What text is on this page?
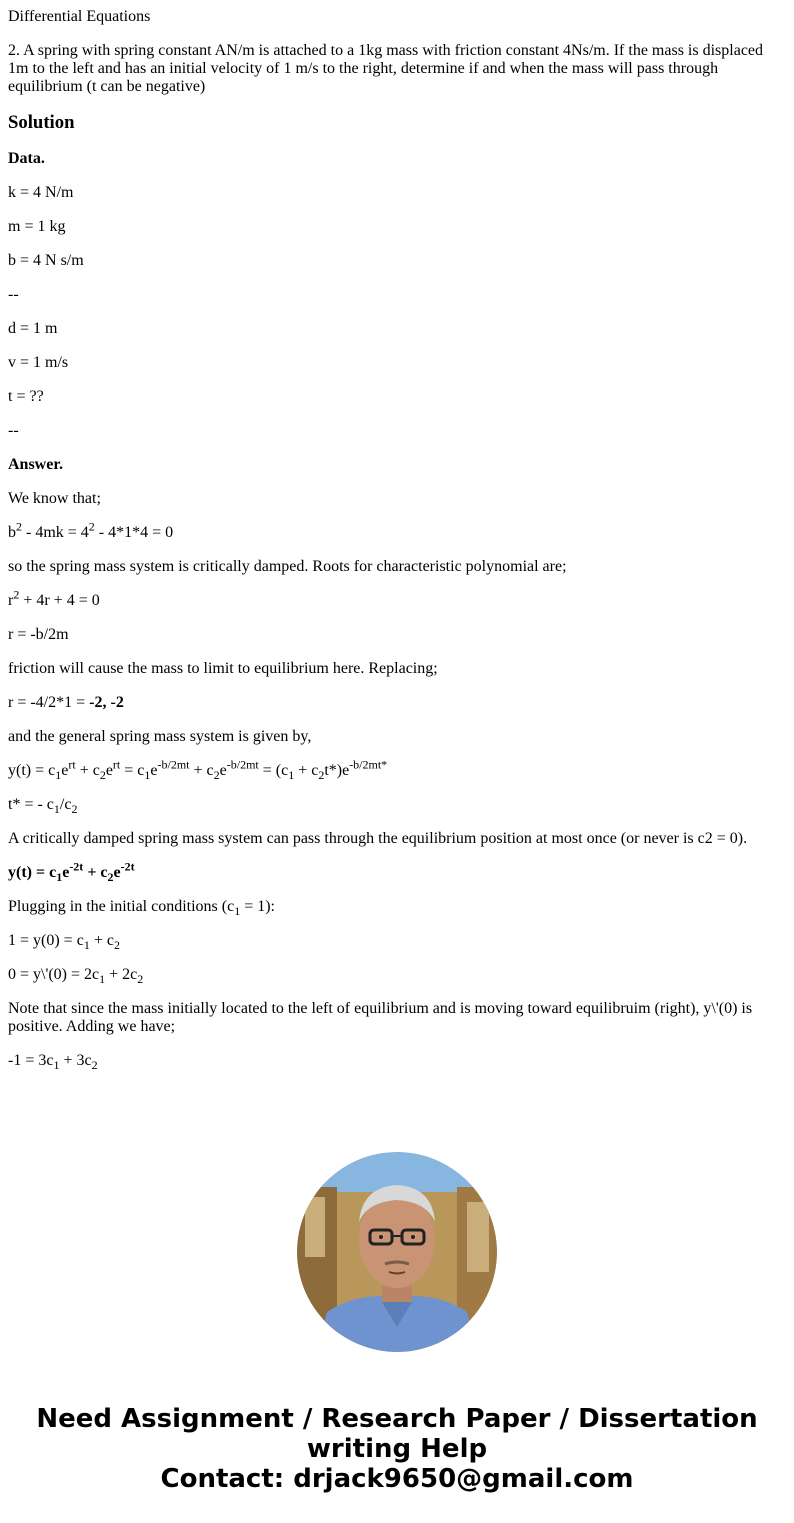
Differential Equations

2. A spring with spring constant AN/m is attached to a 1kg mass with friction constant 4Ns/m. If the mass is displaced 1m to the left and has an initial velocity of 1 m/s to the right, determine if and when the mass will pass through equilibrium (t can be negative)

Solution

Data.

k = 4 N/m

m = 1 kg

b = 4 N s/m

--

d = 1 m

v = 1 m/s

t = ??

--

Answer.

We know that;

$b^2 - 4mk = 4^2 - 4*1*4 = 0$

so the spring mass system is critically damped. Roots for characteristic polynomial are;

$r^2 + 4r + 4 = 0$

r = -b/2m

friction will cause the mass to limit to equilibrium here. Replacing;

r = -4/2*1 = -2, -2

and the general spring mass system is given by,

$y(t) = c_1e^{rt} + c_2e^{rt} = c_1e^{-b/2mt} + c_2e^{-b/2mt} = (c_1 + c_2t*)e^{-b/2mt*}$

t* = - $c_1/c_2$

A critically damped spring mass system can pass through the equilibrium position at most once (or never is c2 = 0).

$y(t) = c_1e^{-2t} + c_2e^{-2t}$

Plugging in the initial conditions $(c_1 = 1)$:

$1 = y(0) = c_1 + c_2$

0 = y\'(0) = $2c_1 + 2c_2$

Note that since the mass initially located to the left of equilibrium and is moving toward equilibruim (right), y\'(0) is positive. Adding we have;

$-1 = 3c_1 + 3c_2$

Need Assignment / Research Paper / Dissertation
writing Help
Contact: drjack9650@gmail.com
